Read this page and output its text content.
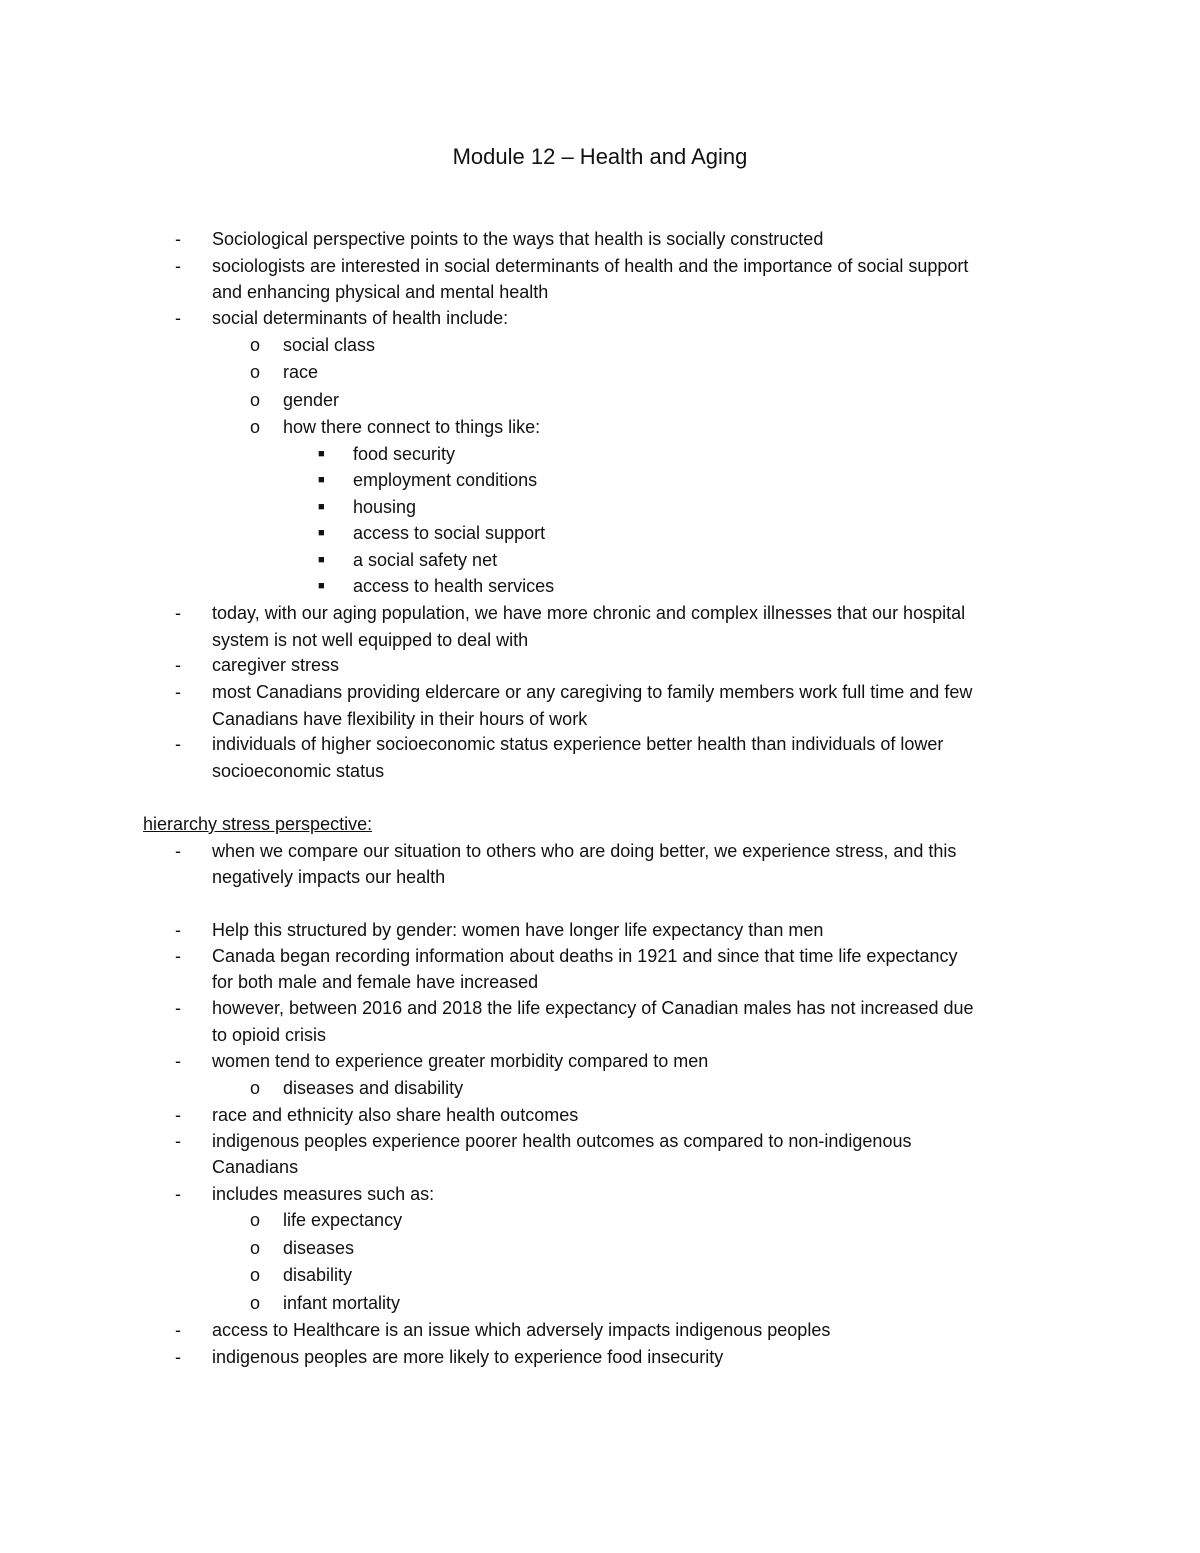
Module 12 – Health and Aging
- Sociological perspective points to the ways that health is socially constructed
- sociologists are interested in social determinants of health and the importance of social support
and enhancing physical and mental health
- social determinants of health include:
o social class
o race
o gender
o how there connect to things like:
■ food security
■ employment conditions
■ housing
■ access to social support
■ a social safety net
■ access to health services
- today, with our aging population, we have more chronic and complex illnesses that our hospital
system is not well equipped to deal with
- caregiver stress
- most Canadians providing eldercare or any caregiving to family members work full time and few
Canadians have flexibility in their hours of work
- individuals of higher socioeconomic status experience better health than individuals of lower
socioeconomic status
hierarchy stress perspective:
- when we compare our situation to others who are doing better, we experience stress, and this
negatively impacts our health
- Help this structured by gender: women have longer life expectancy than men
- Canada began recording information about deaths in 1921 and since that time life expectancy
for both male and female have increased
- however, between 2016 and 2018 the life expectancy of Canadian males has not increased due
to opioid crisis
- women tend to experience greater morbidity compared to men
o diseases and disability
- race and ethnicity also share health outcomes
- indigenous peoples experience poorer health outcomes as compared to non-indigenous
Canadians
- includes measures such as:
o life expectancy
o diseases
o disability
o infant mortality
- access to Healthcare is an issue which adversely impacts indigenous peoples
- indigenous peoples are more likely to experience food insecurity
